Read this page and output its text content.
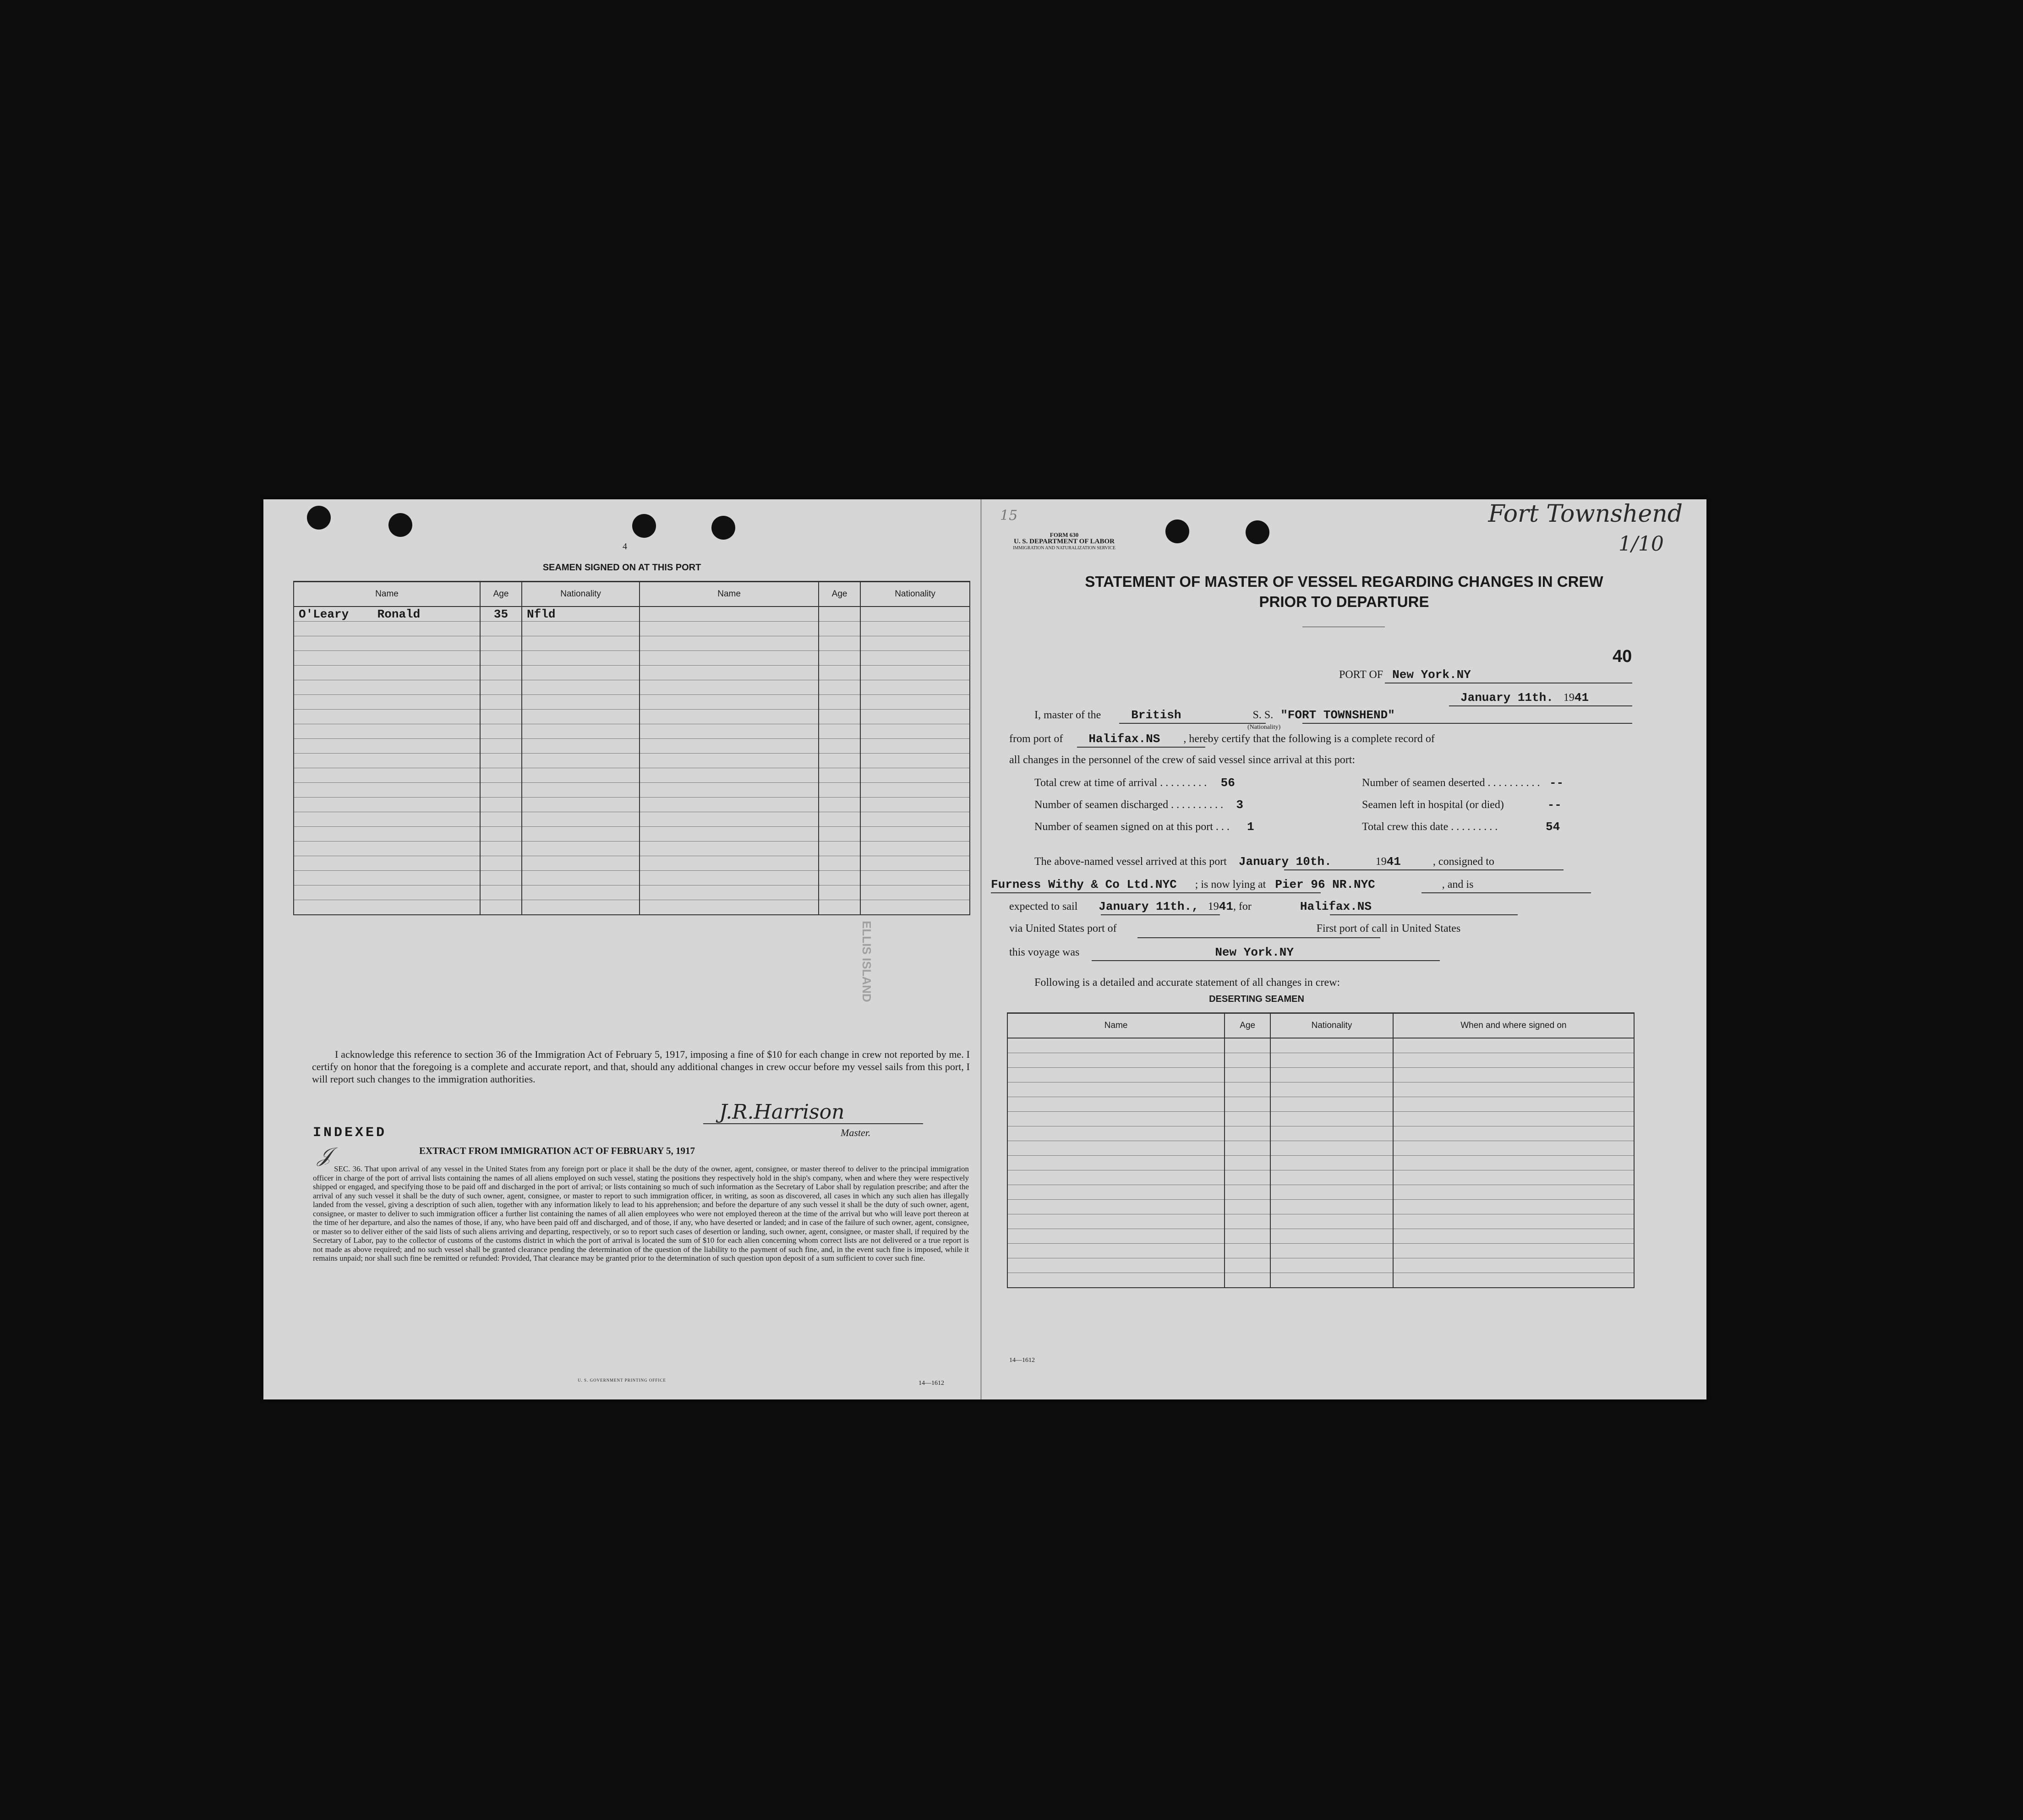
4
SEAMEN SIGNED ON AT THIS PORT
Name	Age	Nationality	Name	Age	Nationality
O'Leary Ronald	35	Nfld			

ELLIS ISLAND
I acknowledge this reference to section 36 of the Immigration Act of February 5, 1917, imposing a fine of $10 for each change in crew not reported by me. I certify on honor that the foregoing is a complete and accurate report, and that, should any additional changes in crew occur before my vessel sails from this port, I will report such changes to the immigration authorities.
J.R.Harrison
Master.
INDEXED
𝒥	EXTRACT FROM IMMIGRATION ACT OF FEBRUARY 5, 1917
SEC. 36. That upon arrival of any vessel in the United States from any foreign port or place it shall be the duty of the owner, agent, consignee, or master thereof to deliver to the principal immigration officer in charge of the port of arrival lists containing the names of all aliens employed on such vessel, stating the positions they respectively hold in the ship's company, when and where they were respectively shipped or engaged, and specifying those to be paid off and discharged in the port of arrival; or lists containing so much of such information as the Secretary of Labor shall by regulation prescribe; and after the arrival of any such vessel it shall be the duty of such owner, agent, consignee, or master to report to such immigration officer, in writing, as soon as discovered, all cases in which any such alien has illegally landed from the vessel, giving a description of such alien, together with any information likely to lead to his apprehension; and before the departure of any such vessel it shall be the duty of such owner, agent, consignee, or master to deliver to such immigration officer a further list containing the names of all alien employees who were not employed thereon at the time of the arrival but who will leave port thereon at the time of her departure, and also the names of those, if any, who have been paid off and discharged, and of those, if any, who have deserted or landed; and in case of the failure of such owner, agent, consignee, or master so to deliver either of the said lists of such aliens arriving and departing, respectively, or so to report such cases of desertion or landing, such owner, agent, consignee, or master shall, if required by the Secretary of Labor, pay to the collector of customs of the customs district in which the port of arrival is located the sum of $10 for each alien concerning whom correct lists are not delivered or a true report is not made as above required; and no such vessel shall be granted clearance pending the determination of the question of the liability to the payment of such fine, and, in the event such fine is imposed, while it remains unpaid; nor shall such fine be remitted or refunded: Provided, That clearance may be granted prior to the determination of such question upon deposit of a sum sufficient to cover such fine.
U. S. GOVERNMENT PRINTING OFFICE	14—1612
15
FORM 630
U. S. DEPARTMENT OF LABOR
IMMIGRATION AND NATURALIZATION SERVICE
Fort Townshend
1/10
STATEMENT OF MASTER OF VESSEL REGARDING CHANGES IN CREW
PRIOR TO DEPARTURE
40
PORT OF New York.NY
January 11th. 1941
I, master of the	British	S. S. "FORT TOWNSHEND"
(Nationality)
from port of Halifax.NS , hereby certify that the following is a complete record of
all changes in the personnel of the crew of said vessel since arrival at this port:
Total crew at time of arrival . . . . . . . . . 56	Number of seamen deserted . . . . . . . . . . --
Number of seamen discharged . . . . . . . . . . 3	Seamen left in hospital (or died)	--
Number of seamen signed on at this port . . . 1	Total crew this date . . . . . . . . .	54
The above-named vessel arrived at this port January 10th.	1941	, consigned to
Furness Withy & Co Ltd.NYC ; is now lying at Pier 96 NR.NYC	, and is
expected to sail January 11th., 1941, for	Halifax.NS
via United States port of	First port of call in United States
this voyage was	New York.NY
Following is a detailed and accurate statement of all changes in crew:
DESERTING SEAMEN
Name	Age	Nationality	When and where signed on

14—1612
